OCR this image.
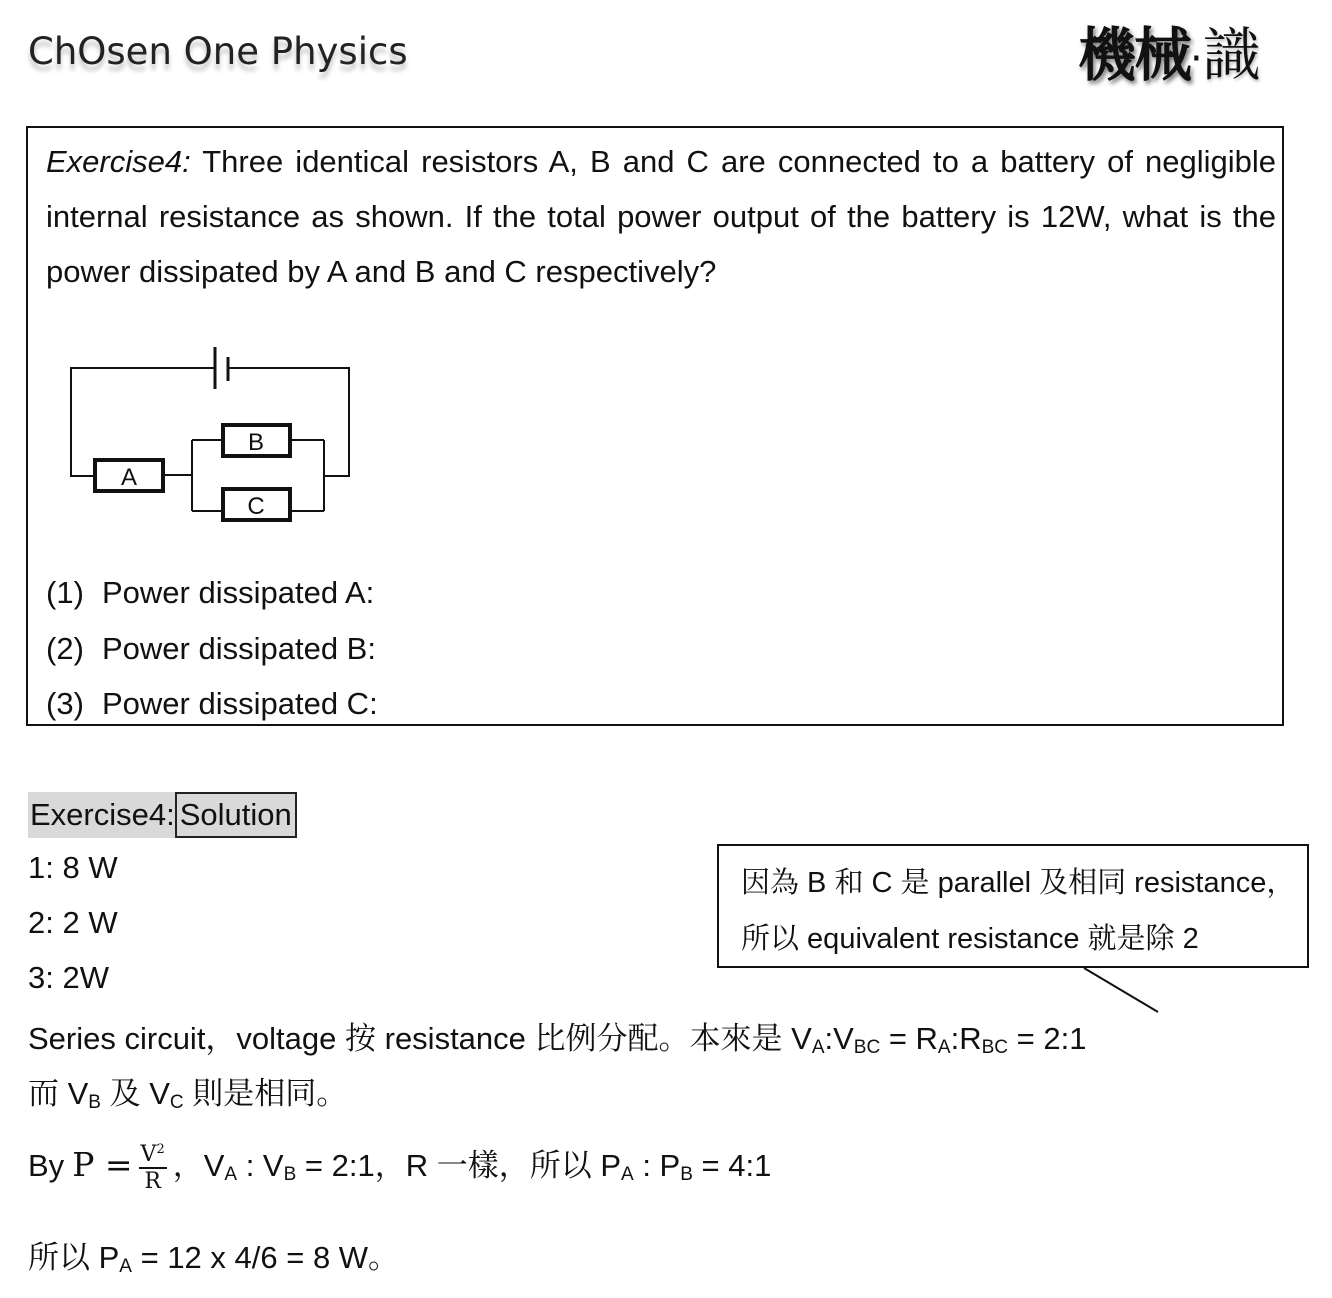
ChOsen One Physics	機械·識
Exercise4: Three identical resistors A, B and C are connected to a battery of negligible internal resistance as shown. If the total power output of the battery is 12W, what is the power dissipated by A and B and C respectively?
A
B
C
(1) Power dissipated A:
(2) Power dissipated B:
(3) Power dissipated C:
Exercise4: Solution
1: 8 W
2: 2 W
3: 2W
Series circuit，voltage 按 resistance 比例分配。本來是 $V_A:V_{BC}$ = $R_A:R_{BC}$ = 2:1
而 $V_B$ 及 $V_C$ 則是相同。
By $P = \frac{V^2}{R}$ ，$V_A$ : $V_B$ = 2:1，R 一樣，所以 $P_A$ : $P_B$ = 4:1
所以 $P_A = 12$ x 4/6 = 8 W。
因為 B 和 C 是 parallel 及相同 resistance，
所以 equivalent resistance 就是除 2
